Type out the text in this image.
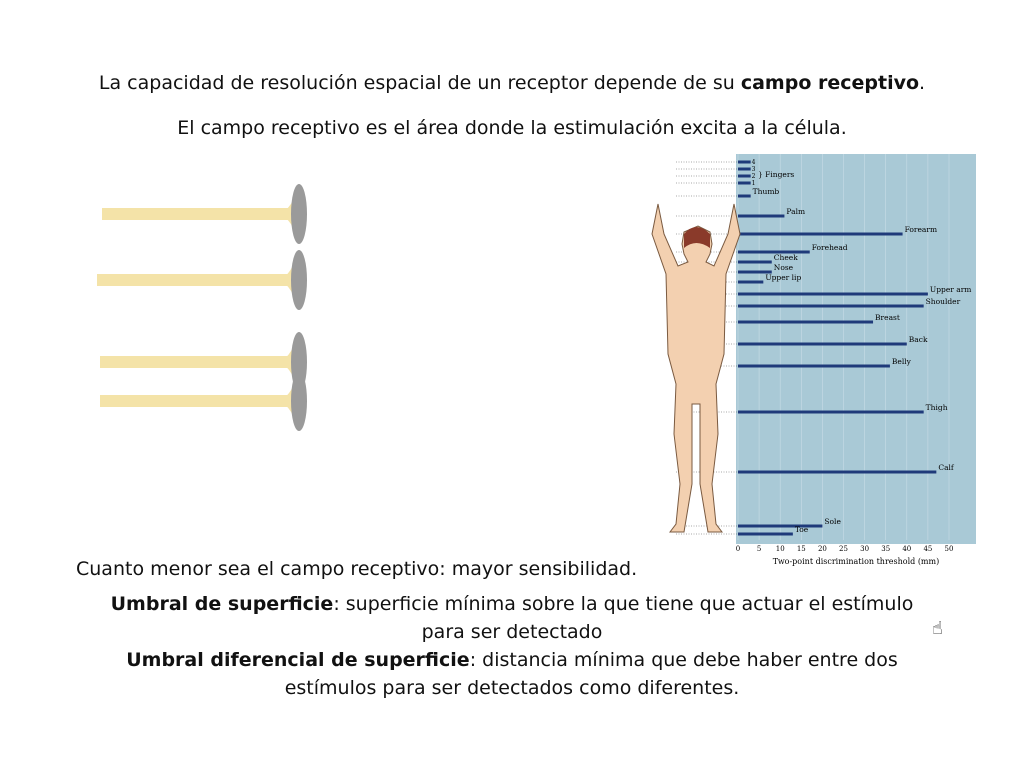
La capacidad de resolución espacial de un receptor depende de su campo receptivo.
El campo receptivo es el área donde la estimulación excita a la célula.
0 5 10 15 20 25 30 35 40 45 50
4
3
2
1
Thumb
Palm
Forearm
Forehead
Cheek
Nose
Upper lip
Upper arm
Shoulder
Breast
Back
Belly
Thigh
Calf
Sole
Toe
} Fingers
Two-point discrimination threshold (mm)
Cuanto menor sea el campo receptivo: mayor sensibilidad.
Umbral de superficie: superficie mínima sobre la que tiene que actuar el estímulo
para ser detectado
Umbral diferencial de superficie: distancia mínima que debe haber entre dos
estímulos para ser detectados como diferentes.
☝
